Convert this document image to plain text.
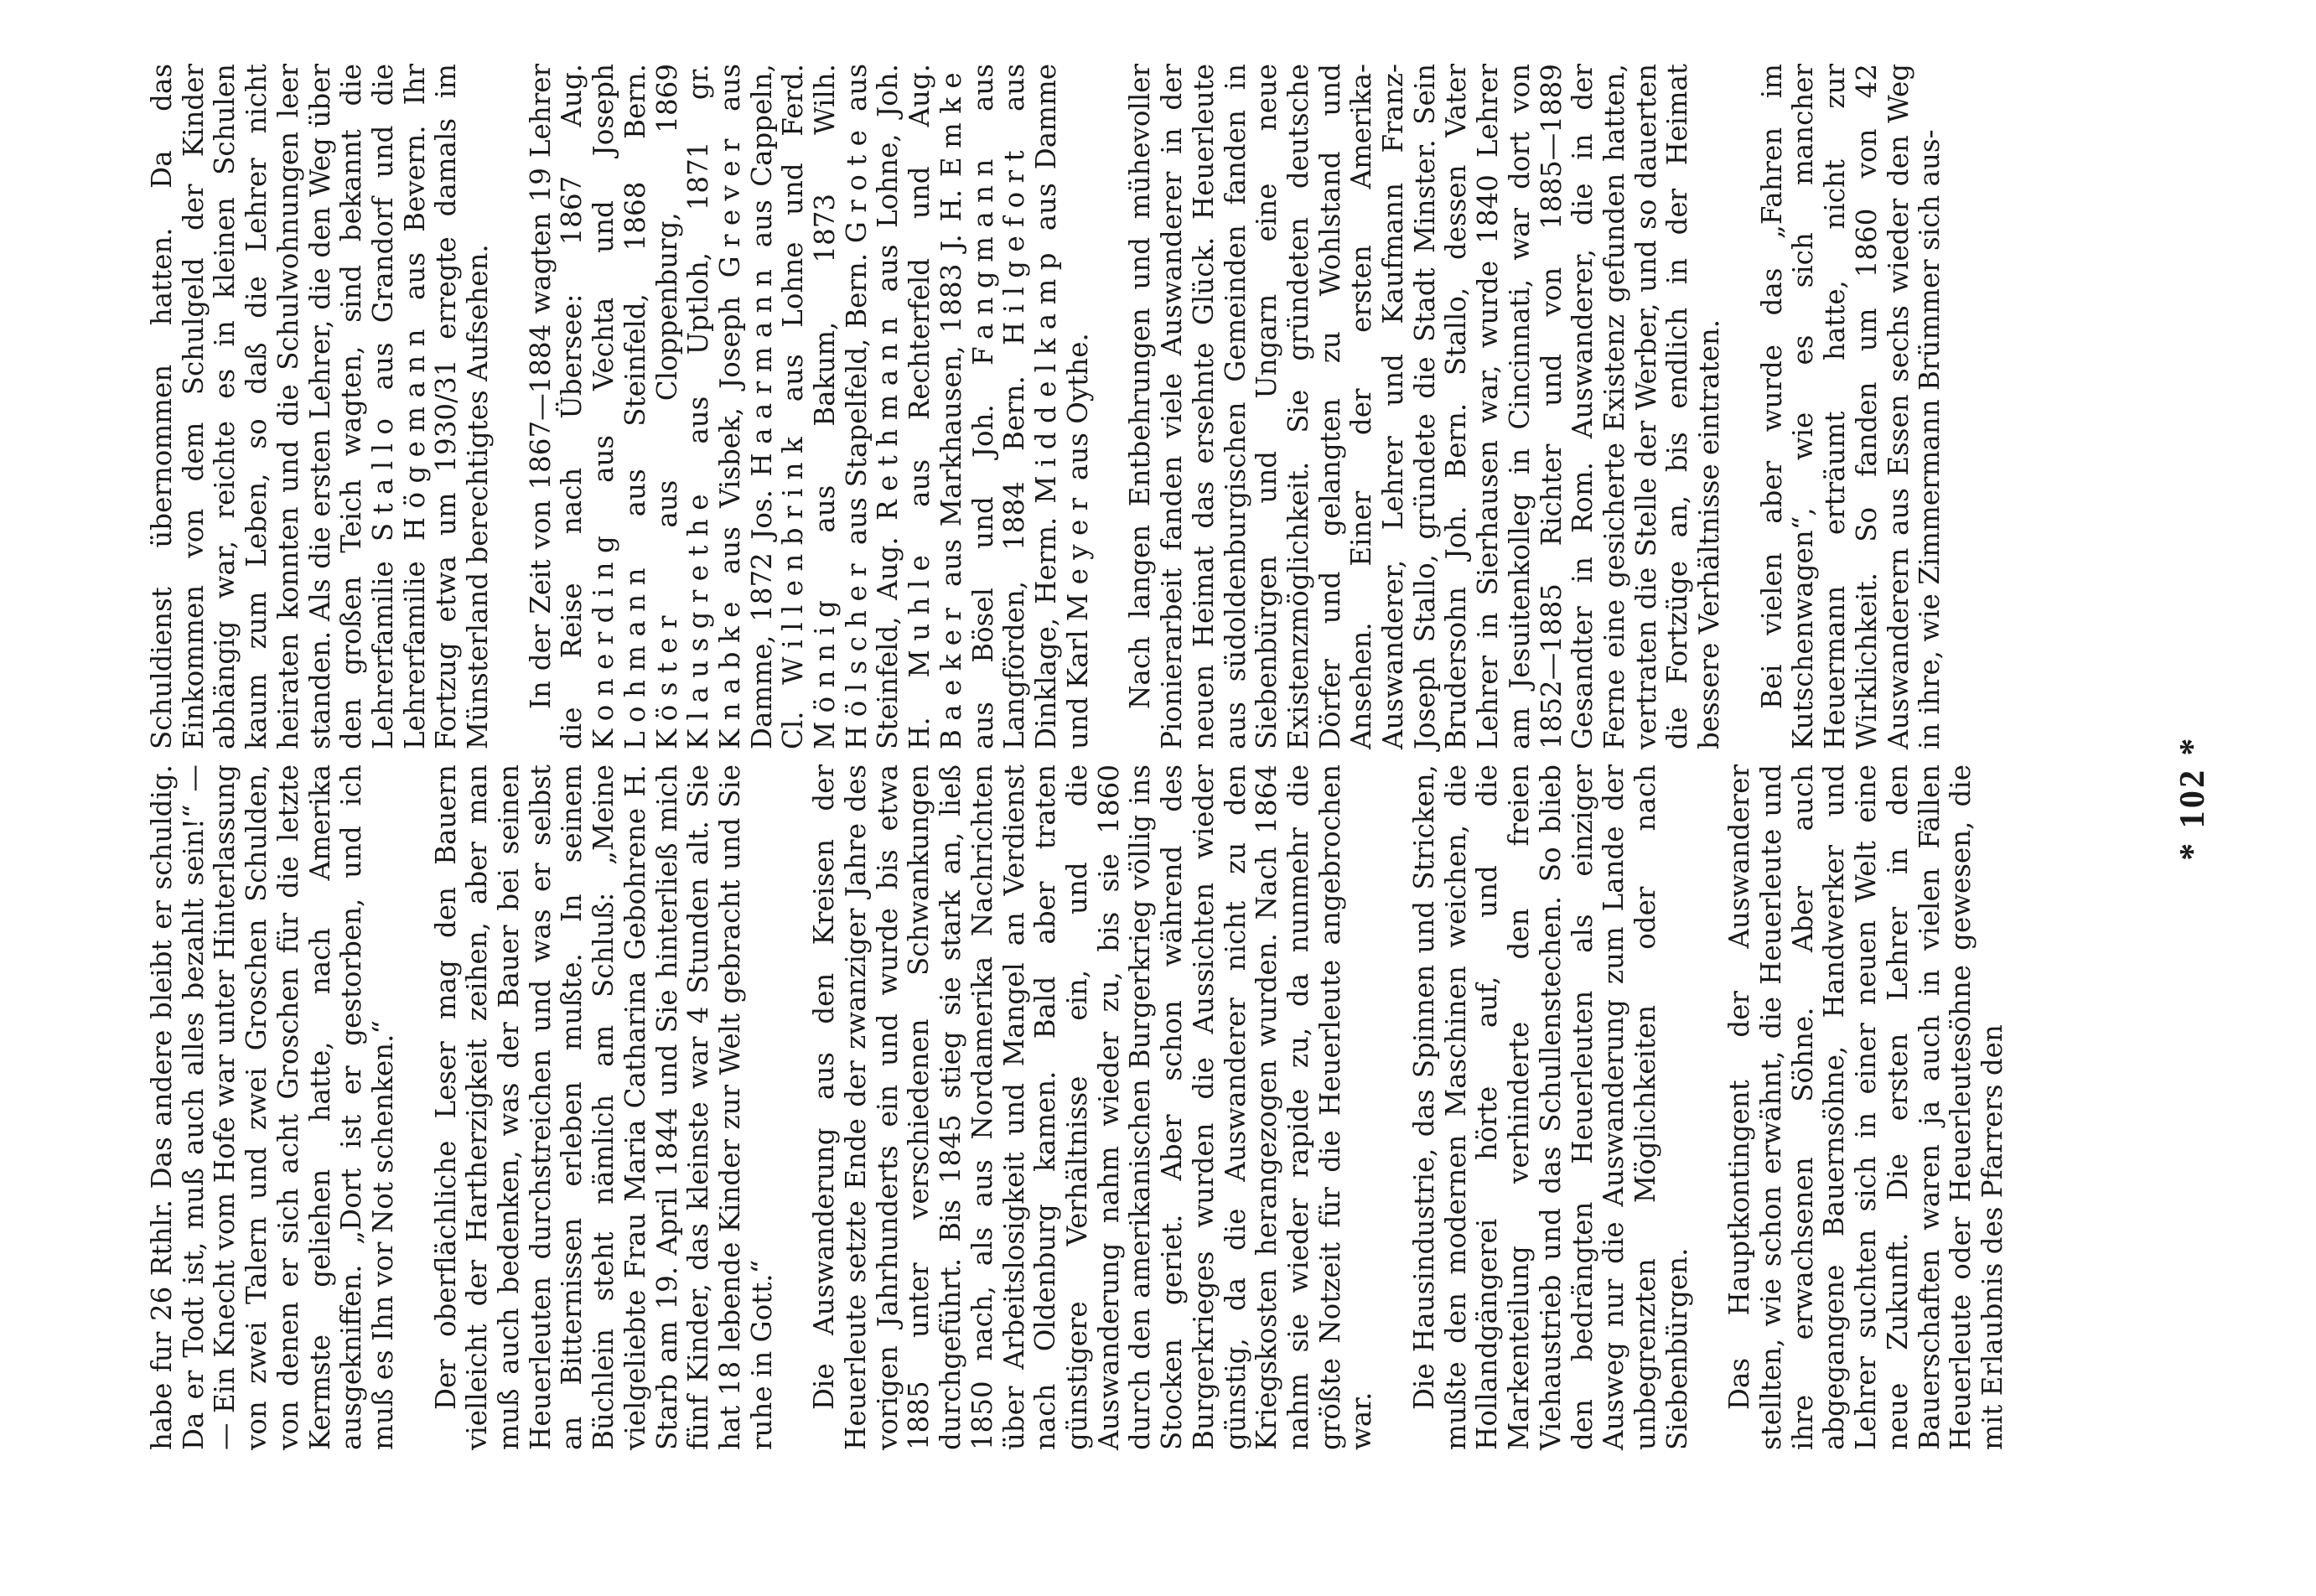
habe fur 26 Rthlr. Das andere bleibt er schuldig. Da er Todt ist, muß auch alles bezahlt sein!“ — — Ein Knecht vom Hofe war unter Hinterlassung von zwei Talern und zwei Groschen Schulden, von denen er sich acht Groschen für die letzte Kermste geliehen hatte, nach Amerika ausgekniffen. „Dort ist er gestorben, und ich muß es Ihn vor Not schenken.“ Der oberflächliche Leser mag den Bauern vielleicht der Hartherzigkeit zeihen, aber man muß auch bedenken, was der Bauer bei seinen Heuerleuten durchstreichen und was er selbst an Bitternissen erleben mußte. In seinem Büchlein steht nämlich am Schluß: „Meine vielgeliebte Frau Maria Catharina Gebohrene H. Starb am 19. April 1844 und Sie hinterließ mich fünf Kinder, das kleinste war 4 Stunden alt. Sie hat 18 lebende Kinder zur Welt gebracht und Sie ruhe in Gott.“ Die Auswanderung aus den Kreisen der Heuerleute setzte Ende der zwanziger Jahre des vorigen Jahrhunderts ein und wurde bis etwa 1885 unter verschiedenen Schwankungen durchgeführt. Bis 1845 stieg sie stark an, ließ 1850 nach, als aus Nordamerika Nachrichten über Arbeitslosigkeit und Mangel an Verdienst nach Oldenburg kamen. Bald aber traten günstigere Verhältnisse ein, und die Auswanderung nahm wieder zu, bis sie 1860 durch den amerikanischen Burgerkrieg völlig ins Stocken geriet. Aber schon während des Burgerkrieges wurden die Aussichten wieder günstig, da die Auswanderer nicht zu den Kriegskosten herangezogen wurden. Nach 1864 nahm sie wieder rapide zu, da nunmehr die größte Notzeit für die Heuerleute angebrochen war.

Die Hausindustrie, das Spinnen und Stricken, mußte den modernen Maschinen weichen, die Hollandgängerei hörte auf, und die Markenteilung verhinderte den freien Viehaustrieb und das Schullenstechen. So blieb den bedrängten Heuerleuten als einziger Ausweg nur die Auswanderung zum Lande der unbegrenzten Möglichkeiten oder nach Siebenbürgen. Das Hauptkontingent der Auswanderer stellten, wie schon erwähnt, die Heuerleute und ihre erwachsenen Söhne. Aber auch abgegangene Bauernsöhne, Handwerker und Lehrer suchten sich in einer neuen Welt eine neue Zukunft. Die ersten Lehrer in den Bauerschaften waren ja auch in vielen Fällen Heuerleute oder Heuerleutesöhne gewesen, die mit Erlaubnis des Pfarrers den

Schuldienst übernommen hatten. Da das Einkommen von dem Schulgeld der Kinder abhängig war, reichte es in kleinen Schulen kaum zum Leben, so daß die Lehrer nicht heiraten konnten und die Schulwohnungen leer standen. Als die ersten Lehrer, die den Weg über den großen Teich wagten, sind bekannt die Lehrerfamilie Stallo aus Grandorf und die Lehrerfamilie Högemann aus Bevern. Ihr Fortzug etwa um 1930/31 erregte damals im Münsterland berechtigtes Aufsehen. In der Zeit von 1867—1884 wagten 19 Lehrer die Reise nach Übersee: 1867 Aug. Konerding aus Vechta und Joseph Lohmann aus Steinfeld, 1868 Bern. Köster aus Cloppenburg, 1869 Klausgrethe aus Uptloh, 1871 gr. Knabke aus Visbek, Joseph Grever aus Damme, 1872 Jos. Haarmann aus Cappeln, Cl. Willenbrink aus Lohne und Ferd. Mönnig aus Bakum, 1873 Wilh. Hölscher aus Stapelfeld, Bern. Grote aus Steinfeld, Aug. Rethmann aus Lohne, Joh. H. Muhle aus Rechterfeld und Aug. Baeker aus Markhausen, 1883 J. H. Emke aus Bösel und Joh. Fangmann aus Langförden, 1884 Bern. Hilgefort aus Dinklage, Herm. Middelkamp aus Damme und Karl Meyer aus Oythe. Nach langen Entbehrungen und mühevoller Pionierarbeit fanden viele Auswanderer in der neuen Heimat das ersehnte Glück. Heuerleute aus südoldenburgischen Gemeinden fanden in Siebenbürgen und Ungarn eine neue Existenzmöglichkeit. Sie gründeten deutsche Dörfer und gelangten zu Wohlstand und Ansehen. Einer der ersten Amerika-Auswanderer, Lehrer und Kaufmann Franz-Joseph Stallo, gründete die Stadt Minster. Sein Brudersohn Joh. Bern. Stallo, dessen Vater Lehrer in Sierhausen war, wurde 1840 Lehrer am Jesuitenkolleg in Cincinnati, war dort von 1852—1885 Richter und von 1885—1889 Gesandter in Rom. Auswanderer, die in der Ferne eine gesicherte Existenz gefunden hatten, vertraten die Stelle der Werber, und so dauerten die Fortzüge an, bis endlich in der Heimat bessere Verhältnisse eintraten. Bei vielen aber wurde das „Fahren im Kutschenwagen“, wie es sich mancher Heuermann erträumt hatte, nicht zur Wirklichkeit. So fanden um 1860 von 42 Auswanderern aus Essen sechs wieder den Weg in ihre, wie Zimmermann Brümmer sich aus-

* 102 *
